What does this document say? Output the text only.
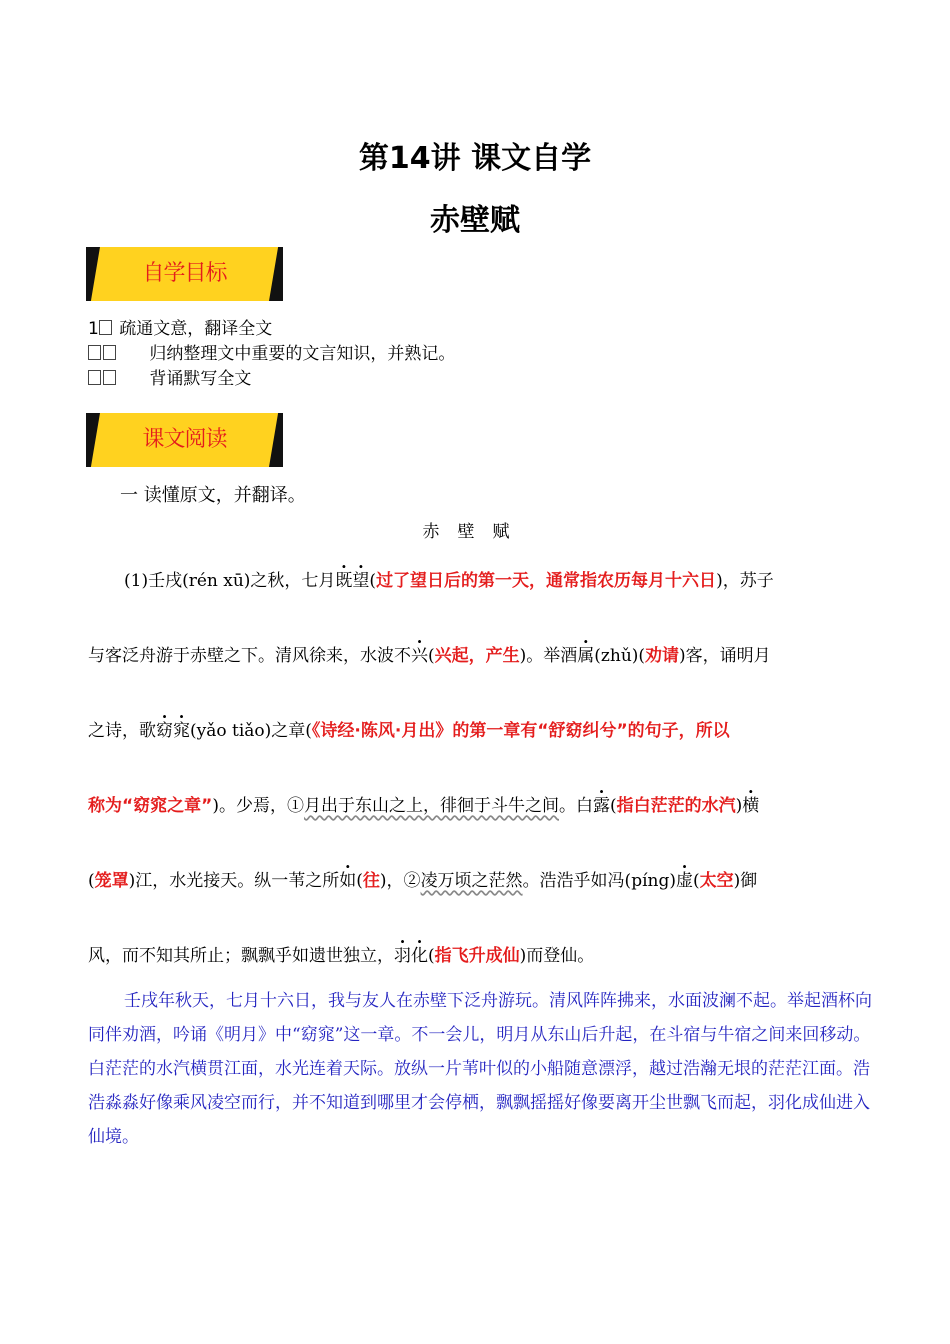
第14讲 课文自学
赤壁赋
自学目标
1 疏通文意，翻译全文
归纳整理文中重要的文言知识，并熟记。
背诵默写全文
课文阅读
一 读懂原文，并翻译。
赤壁赋
(1)壬戌(rén xū)之秋，七月既望(过了望日后的第一天，通常指农历每月十六日)，苏子
与客泛舟游于赤壁之下。清风徐来，水波不兴(兴起，产生)。举酒属(zhǔ)(劝请)客，诵明月
之诗，歌窈窕(yǎo tiǎo)之章(《诗经·陈风·月出》的第一章有“舒窈纠兮”的句子，所以
称为“窈窕之章”)。少焉，①月出于东山之上，徘徊于斗牛之间。白露(指白茫茫的水汽)横
(笼罩)江，水光接天。纵一苇之所如(往)，②凌万顷之茫然。浩浩乎如冯(píng)虚(太空)御
风，而不知其所止；飘飘乎如遗世独立，羽化(指飞升成仙)而登仙。
壬戌年秋天，七月十六日，我与友人在赤壁下泛舟游玩。清风阵阵拂来，水面波澜不起。举起酒杯向同伴劝酒，吟诵《明月》中“窈窕”这一章。不一会儿，明月从东山后升起，在斗宿与牛宿之间来回移动。白茫茫的水汽横贯江面，水光连着天际。放纵一片苇叶似的小船随意漂浮，越过浩瀚无垠的茫茫江面。浩浩淼淼好像乘风凌空而行，并不知道到哪里才会停栖，飘飘摇摇好像要离开尘世飘飞而起，羽化成仙进入仙境。
